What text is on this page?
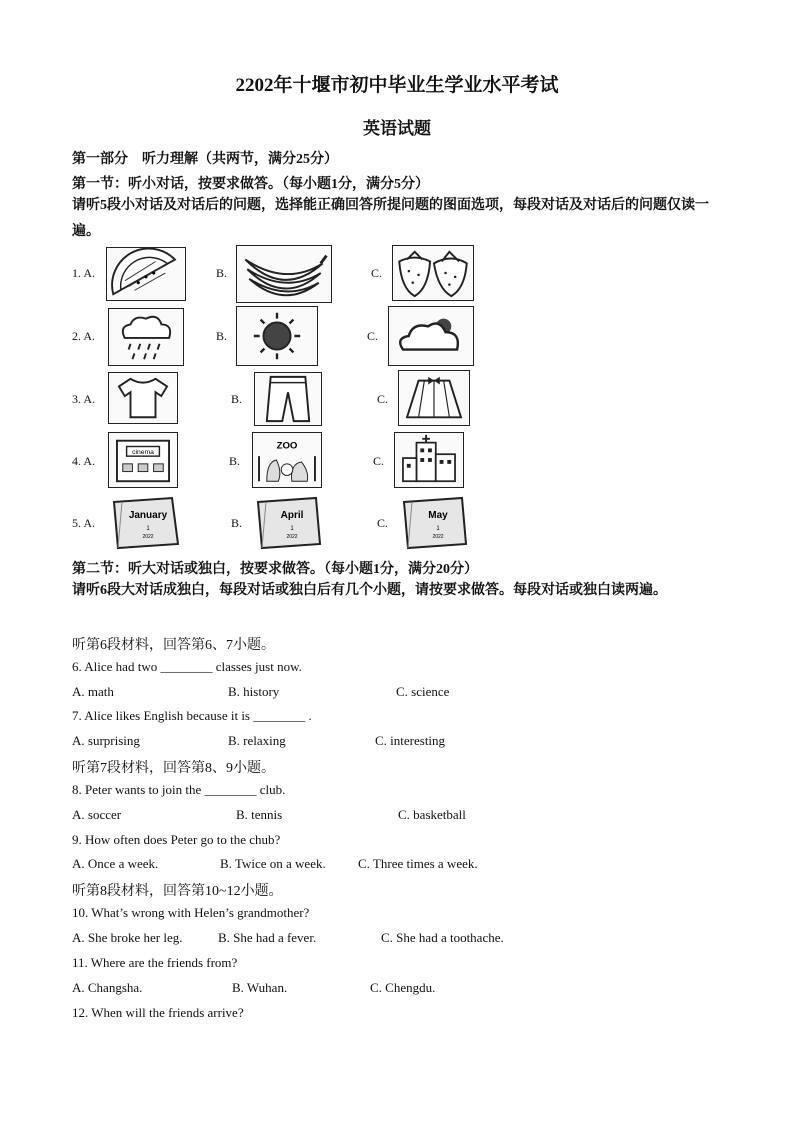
2202年十堰市初中毕业生学业水平考试
英语试题
第一部分　听力理解（共两节，满分25分）
第一节：听小对话，按要求做答。（每小题1分，满分5分）
请听5段小对话及对话后的问题，选择能正确回答所提问题的图面选项，每段对话及对话后的问题仅读一遍。
1. A.	B.	C.
2. A.	B.	C.
3. A.	B.	C.
4. A.
cinema
B.
ZOO
C.
5. A.
January
1
2022
B.
April
1
2022
C.
May
1
2022
第二节：听大对话或独白，按要求做答。（每小题1分，满分20分）
请听6段大对话成独白，每段对话或独白后有几个小题，请按要求做答。每段对话或独白读两遍。
听第6段材料，回答第6、7小题。
6. Alice had two ________ classes just now.
A. math	B. history	C. science
7. Alice likes English because it is ________ .
A. surprising	B. relaxing	C. interesting
听第7段材料，回答第8、9小题。
8. Peter wants to join the ________ club.
A. soccer	B. tennis	C. basketball
9. How often does Peter go to the chub?
A. Once a week.	B. Twice on a week. C. Three times a week.
听第8段材料，回答第10~12小题。
10. What’s wrong with Helen’s grandmother?
A. She broke her leg.	B. She had a fever.	C. She had a toothache.
11. Where are the friends from?
A. Changsha.	B. Wuhan.	C. Chengdu.
12. When will the friends arrive?
